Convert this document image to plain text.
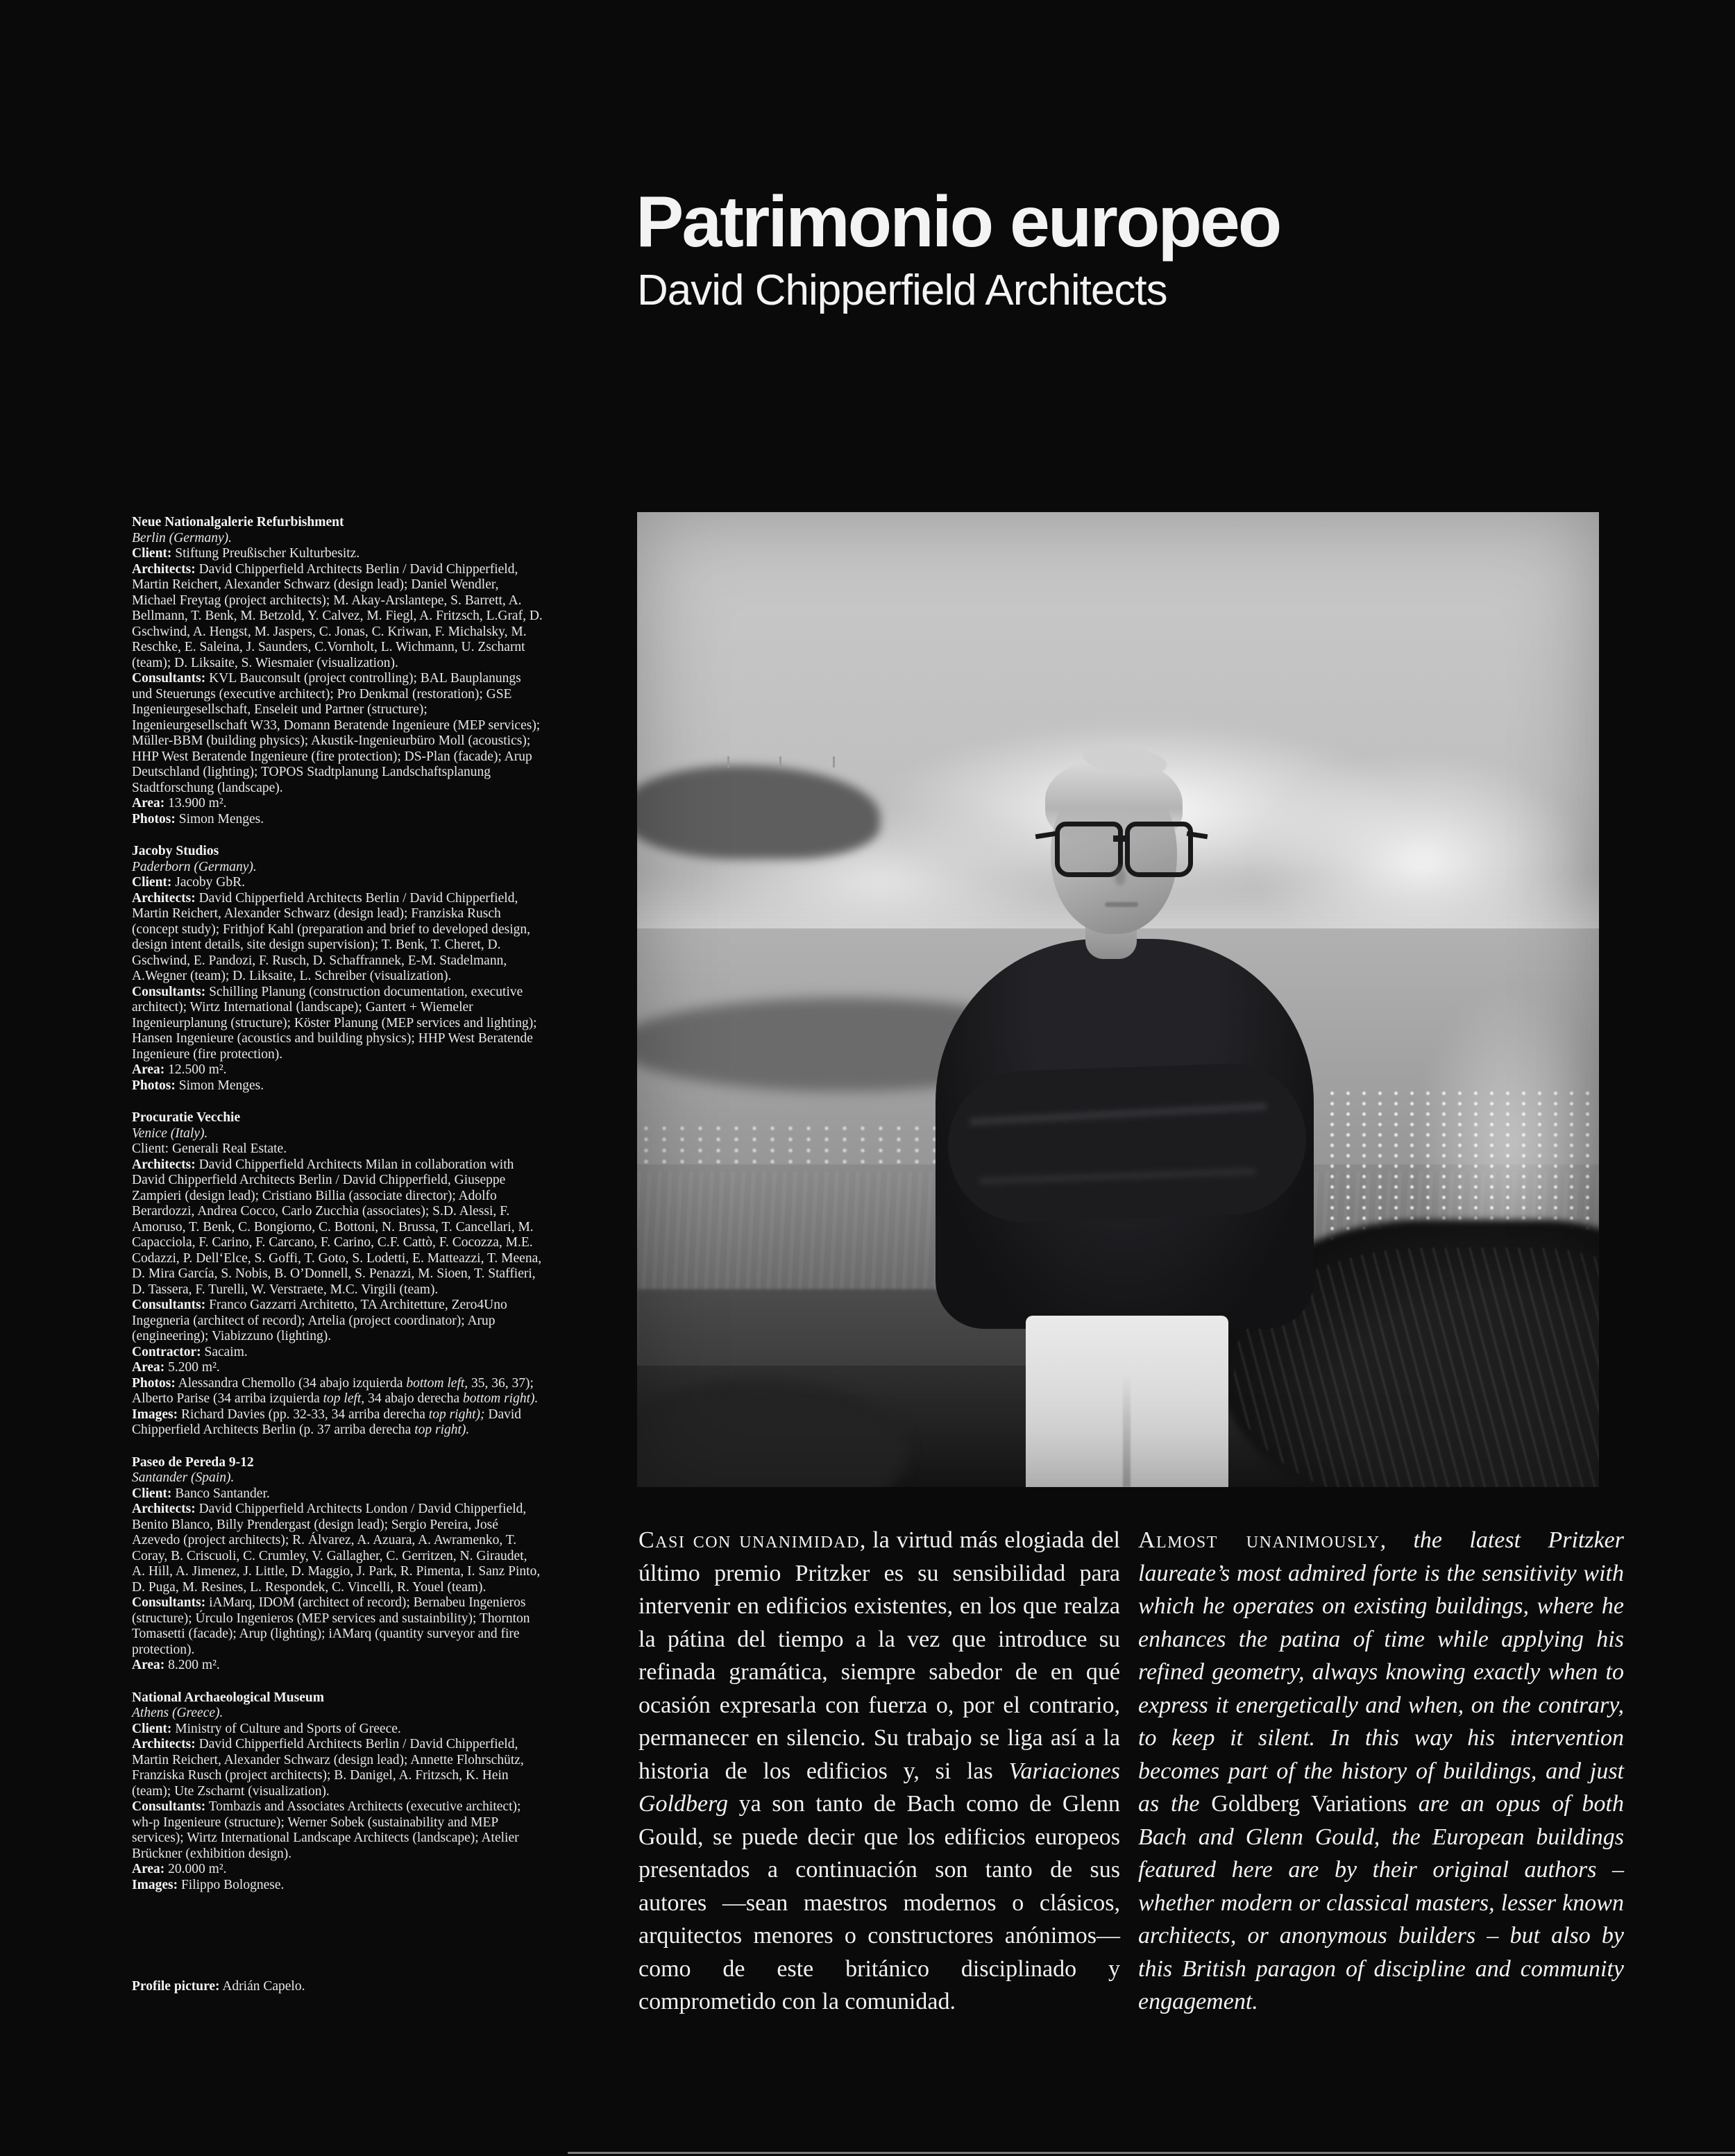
Patrimonio europeo
David Chipperfield Architects

Neue Nationalgalerie Refurbishment

Berlin (Germany).

Client: Stiftung Preußischer Kulturbesitz.

Architects: David Chipperfield Architects Berlin / David Chipperfield, Martin Reichert, Alexander Schwarz (design lead); Daniel Wendler, Michael Freytag (project architects); M. Akay-Arslantepe, S. Barrett, A. Bellmann, T. Benk, M. Betzold, Y. Calvez, M. Fiegl, A. Fritzsch, L.Graf, D. Gschwind, A. Hengst, M. Jaspers, C. Jonas, C. Kriwan, F. Michalsky, M. Reschke, E. Saleina, J. Saunders, C.Vornholt, L. Wichmann, U. Zscharnt (team); D. Liksaite, S. Wiesmaier (visualization).

Consultants: KVL Bauconsult (project controlling); BAL Bauplanungs und Steuerungs (executive architect); Pro Denkmal (restoration); GSE Ingenieurgesellschaft, Enseleit und Partner (structure); Ingenieurgesellschaft W33, Domann Beratende Ingenieure (MEP services); Müller-BBM (building physics); Akustik-Ingenieurbüro Moll (acoustics); HHP West Beratende Ingenieure (fire protection); DS-Plan (facade); Arup Deutschland (lighting); TOPOS Stadtplanung Landschaftsplanung Stadtforschung (landscape).

Area: 13.900 m².

Photos: Simon Menges.

Jacoby Studios

Paderborn (Germany).

Client: Jacoby GbR.

Architects: David Chipperfield Architects Berlin / David Chipperfield, Martin Reichert, Alexander Schwarz (design lead); Franziska Rusch (concept study); Frithjof Kahl (preparation and brief to developed design, design intent details, site design supervision); T. Benk, T. Cheret, D. Gschwind, E. Pandozi, F. Rusch, D. Schaffrannek, E-M. Stadelmann, A.Wegner (team); D. Liksaite, L. Schreiber (visualization).

Consultants: Schilling Planung (construction documentation, executive architect); Wirtz International (landscape); Gantert + Wiemeler Ingenieurplanung (structure); Köster Planung (MEP services and lighting); Hansen Ingenieure (acoustics and building physics); HHP West Beratende Ingenieure (fire protection).

Area: 12.500 m².

Photos: Simon Menges.

Procuratie Vecchie

Venice (Italy).

Client: Generali Real Estate.

Architects: David Chipperfield Architects Milan in collaboration with David Chipperfield Architects Berlin / David Chipperfield, Giuseppe Zampieri (design lead); Cristiano Billia (associate director); Adolfo Berardozzi, Andrea Cocco, Carlo Zucchia (associates); S.D. Alessi, F. Amoruso, T. Benk, C. Bongiorno, C. Bottoni, N. Brussa, T. Cancellari, M. Capacciola, F. Carino, F. Carcano, F. Carino, C.F. Cattò, F. Cocozza, M.E. Codazzi, P. Dell‘Elce, S. Goffi, T. Goto, S. Lodetti, E. Matteazzi, T. Meena, D. Mira García, S. Nobis, B. O’Donnell, S. Penazzi, M. Sioen, T. Staffieri, D. Tassera, F. Turelli, W. Verstraete, M.C. Virgili (team).

Consultants: Franco Gazzarri Architetto, TA Architetture, Zero4Uno Ingegneria (architect of record); Artelia (project coordinator); Arup (engineering); Viabizzuno (lighting).

Contractor: Sacaim.

Area: 5.200 m².

Photos: Alessandra Chemollo (34 abajo izquierda bottom left, 35, 36, 37); Alberto Parise (34 arriba izquierda top left, 34 abajo derecha bottom right).

Images: Richard Davies (pp. 32-33, 34 arriba derecha top right); David Chipperfield Architects Berlin (p. 37 arriba derecha top right).

Paseo de Pereda 9-12

Santander (Spain).

Client: Banco Santander.

Architects: David Chipperfield Architects London / David Chipperfield, Benito Blanco, Billy Prendergast (design lead); Sergio Pereira, José Azevedo (project architects); R. Álvarez, A. Azuara, A. Awramenko, T. Coray, B. Criscuoli, C. Crumley, V. Gallagher, C. Gerritzen, N. Giraudet, A. Hill, A. Jimenez, J. Little, D. Maggio, J. Park, R. Pimenta, I. Sanz Pinto, D. Puga, M. Resines, L. Respondek, C. Vincelli, R. Youel (team).

Consultants: iAMarq, IDOM (architect of record); Bernabeu Ingenieros (structure); Úrculo Ingenieros (MEP services and sustainbility); Thornton Tomasetti (facade); Arup (lighting); iAMarq (quantity surveyor and fire protection).

Area: 8.200 m².

National Archaeological Museum

Athens (Greece).

Client: Ministry of Culture and Sports of Greece.

Architects: David Chipperfield Architects Berlin / David Chipperfield, Martin Reichert, Alexander Schwarz (design lead); Annette Flohrschütz, Franziska Rusch (project architects); B. Danigel, A. Fritzsch, K. Hein (team); Ute Zscharnt (visualization).

Consultants: Tombazis and Associates Architects (executive architect); wh-p Ingenieure (structure); Werner Sobek (sustainability and MEP services); Wirtz International Landscape Architects (landscape); Atelier Brückner (exhibition design).

Area: 20.000 m².

Images: Filippo Bolognese.

Profile picture: Adrián Capelo.

Casi con unanimidad, la virtud más elogiada del último premio Pritzker es su sensibilidad para intervenir en edificios existentes, en los que realza la pátina del tiempo a la vez que introduce su refinada gramática, siempre sabedor de en qué ocasión expresarla con fuerza o, por el contrario, permanecer en silencio. Su trabajo se liga así a la historia de los edificios y, si las Variaciones Goldberg ya son tanto de Bach como de Glenn Gould, se puede decir que los edificios europeos presentados a continuación son tanto de sus autores —sean maestros modernos o clásicos, arquitectos menores o constructores anónimos— como de este británico disciplinado y comprometido con la comunidad.

Almost unanimously, the latest Pritzker laureate’s most admired forte is the sensitivity with which he operates on existing buildings, where he enhances the patina of time while applying his refined geometry, always knowing exactly when to express it energetically and when, on the contrary, to keep it silent. In this way his intervention becomes part of the history of buildings, and just as the Goldberg Variations are an opus of both Bach and Glenn Gould, the European buildings featured here are by their original authors – whether modern or classical masters, lesser known architects, or anonymous builders – but also by this British paragon of discipline and community engagement.
